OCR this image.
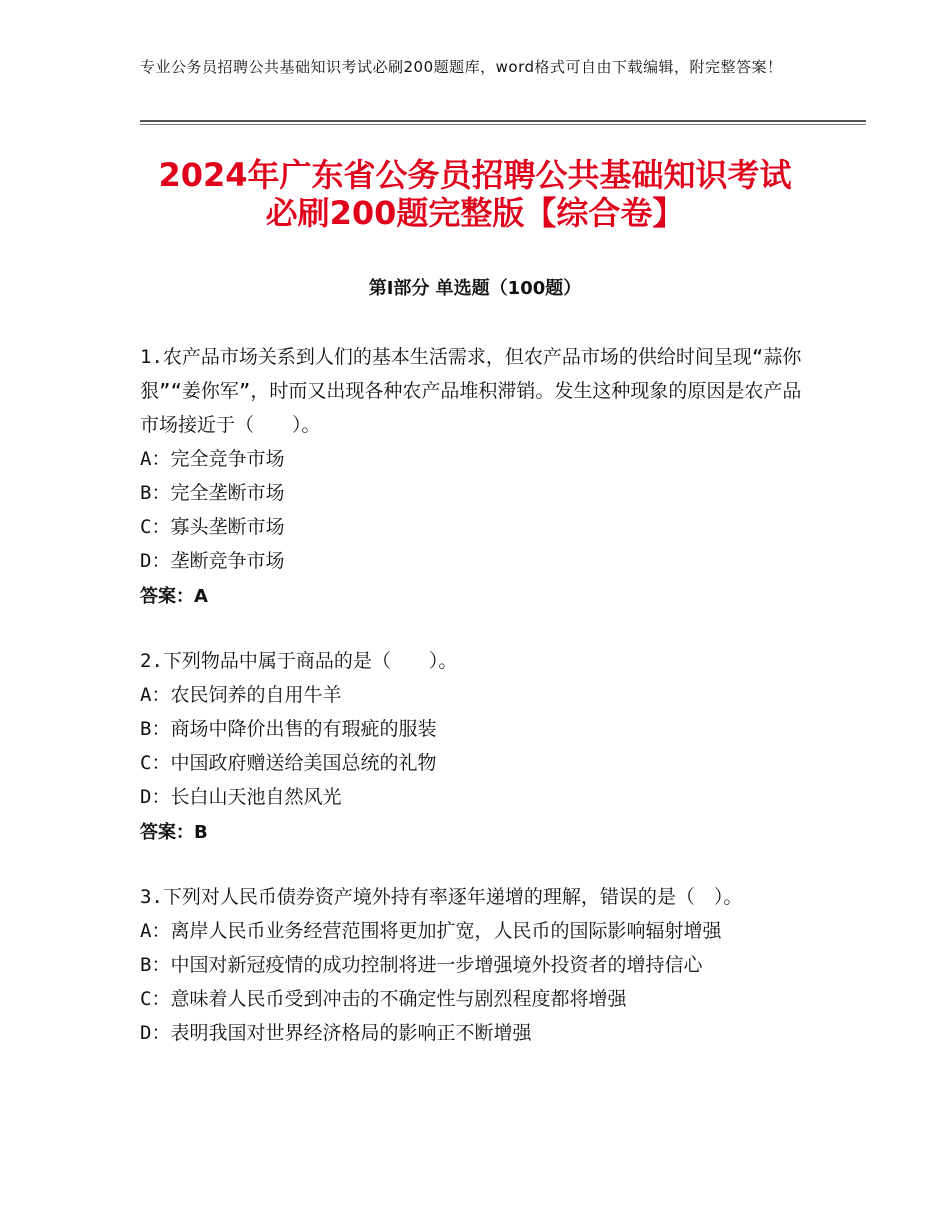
专业公务员招聘公共基础知识考试必刷200题题库，word格式可自由下载编辑，附完整答案！
2024年广东省公务员招聘公共基础知识考试
必刷200题完整版【综合卷】
第Ⅰ部分 单选题（100题）
1.农产品市场关系到人们的基本生活需求，但农产品市场的供给时间呈现“蒜你狠”“姜你军”，时而又出现各种农产品堆积滞销。发生这种现象的原因是农产品市场接近于（　　）。
A：完全竞争市场
B：完全垄断市场
C：寡头垄断市场
D：垄断竞争市场
答案：A
2.下列物品中属于商品的是（　　）。
A：农民饲养的自用牛羊
B：商场中降价出售的有瑕疵的服装
C：中国政府赠送给美国总统的礼物
D：长白山天池自然风光
答案：B
3.下列对人民币债券资产境外持有率逐年递增的理解，错误的是（　）。
A：离岸人民币业务经营范围将更加扩宽，人民币的国际影响辐射增强
B：中国对新冠疫情的成功控制将进一步增强境外投资者的增持信心
C：意味着人民币受到冲击的不确定性与剧烈程度都将增强
D：表明我国对世界经济格局的影响正不断增强
